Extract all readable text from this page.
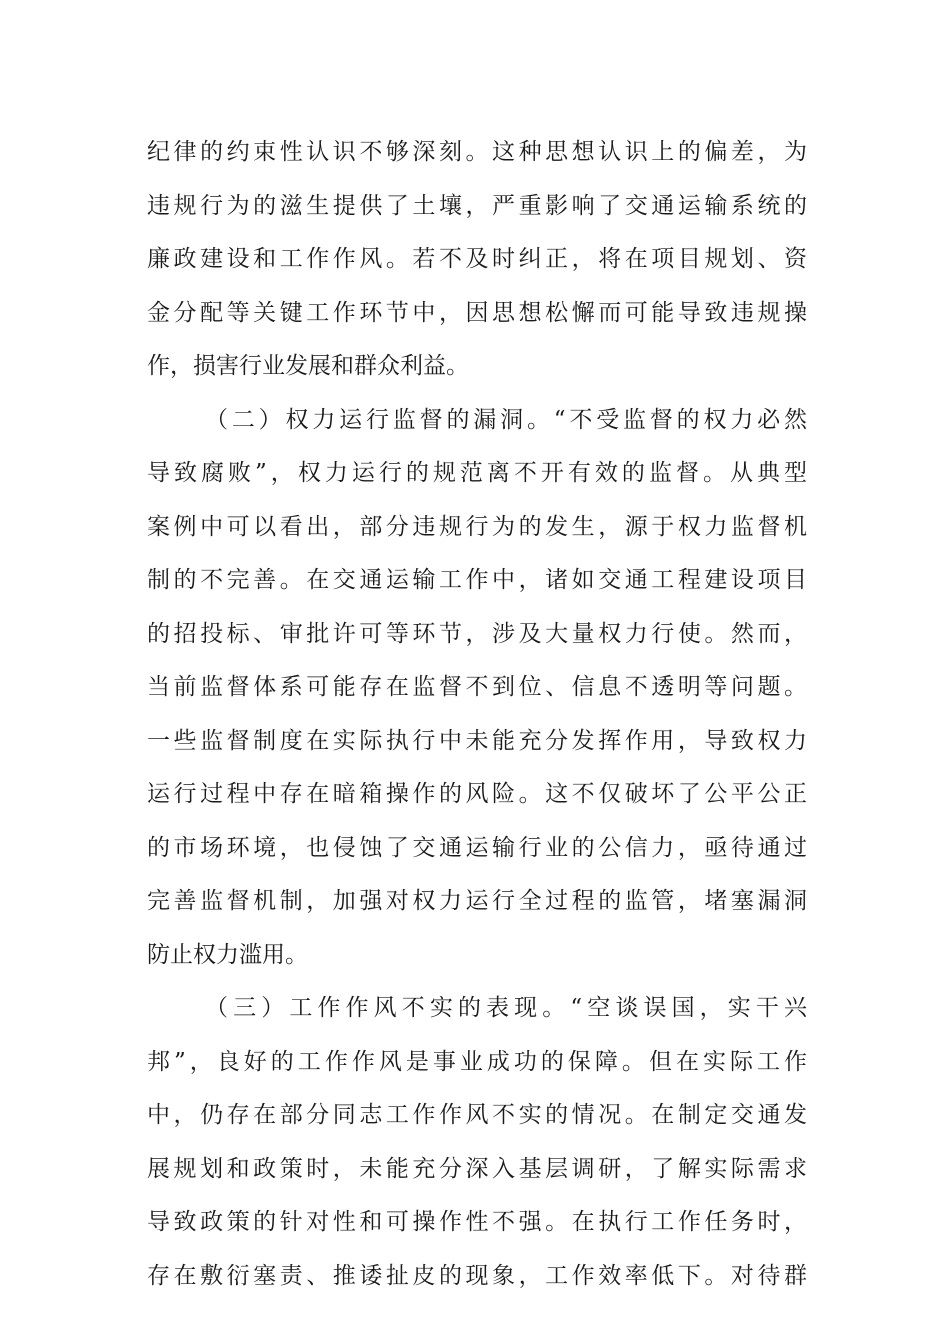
纪律的约束性认识不够深刻。这种思想认识上的偏差，为
违规行为的滋生提供了土壤，严重影响了交通运输系统的
廉政建设和工作作风。若不及时纠正，将在项目规划、资
金分配等关键工作环节中，因思想松懈而可能导致违规操
作，损害行业发展和群众利益。
（二）权力运行监督的漏洞。“不受监督的权力必然
导致腐败”，权力运行的规范离不开有效的监督。从典型
案例中可以看出，部分违规行为的发生，源于权力监督机
制的不完善。在交通运输工作中，诸如交通工程建设项目
的招投标、审批许可等环节，涉及大量权力行使。然而，
当前监督体系可能存在监督不到位、信息不透明等问题。
一些监督制度在实际执行中未能充分发挥作用，导致权力
运行过程中存在暗箱操作的风险。这不仅破坏了公平公正
的市场环境，也侵蚀了交通运输行业的公信力，亟待通过
完善监督机制，加强对权力运行全过程的监管，堵塞漏洞
防止权力滥用。
（三）工作作风不实的表现。“空谈误国，实干兴
邦”，良好的工作作风是事业成功的保障。但在实际工作
中，仍存在部分同志工作作风不实的情况。在制定交通发
展规划和政策时，未能充分深入基层调研，了解实际需求
导致政策的针对性和可操作性不强。在执行工作任务时，
存在敷衍塞责、推诿扯皮的现象，工作效率低下。对待群
